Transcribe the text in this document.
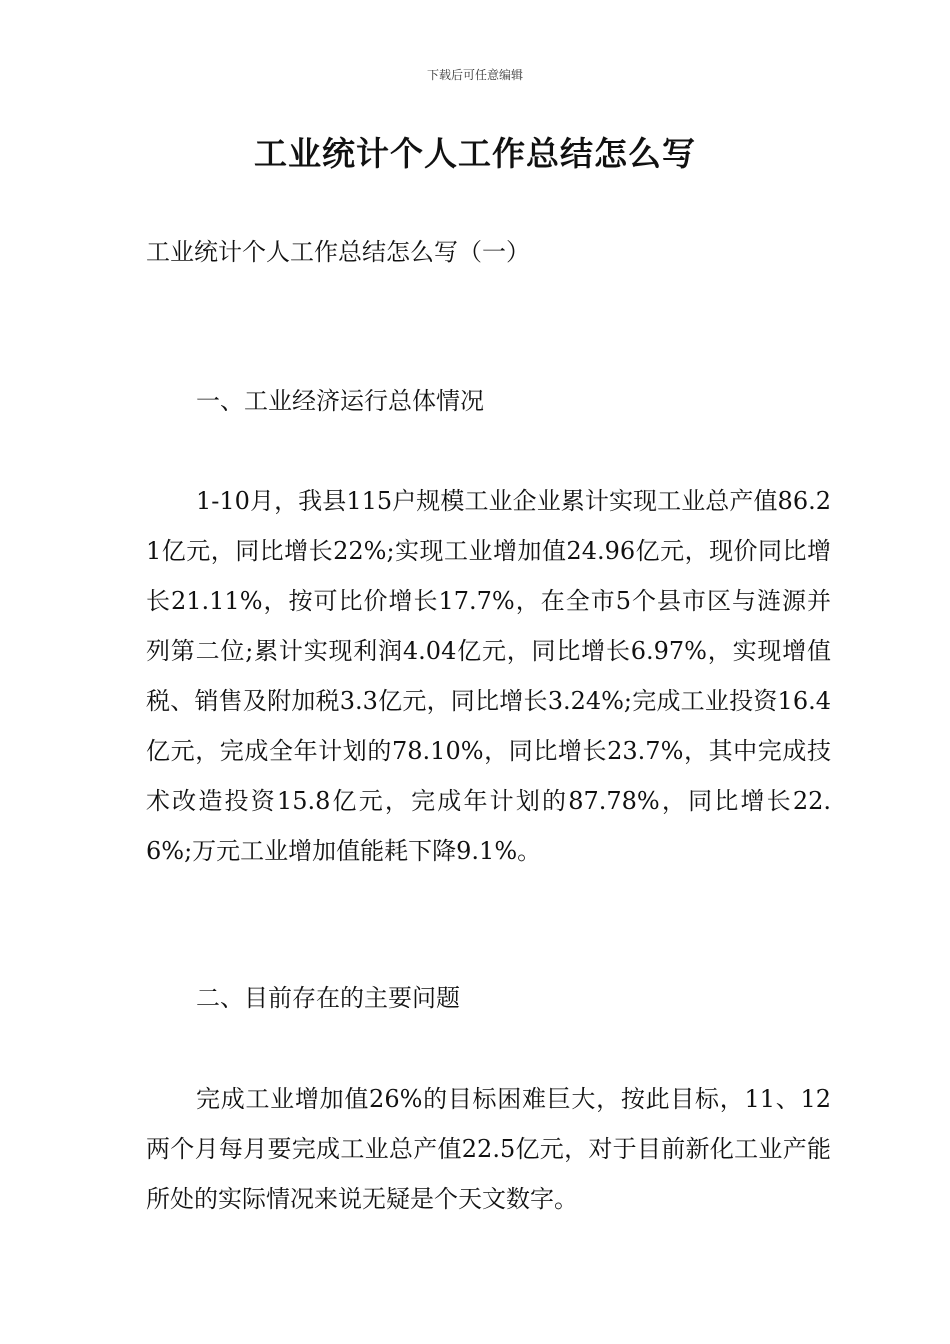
下载后可任意编辑
工业统计个人工作总结怎么写

工业统计个人工作总结怎么写（一）

一、工业经济运行总体情况

1-10月，我县115户规模工业企业累计实现工业总产值86.21亿元，同比增长22%;实现工业增加值24.96亿元，现价同比增长21.11%，按可比价增长17.7%，在全市5个县市区与涟源并列第二位;累计实现利润4.04亿元，同比增长6.97%，实现增值税、销售及附加税3.3亿元，同比增长3.24%;完成工业投资16.4亿元，完成全年计划的78.10%，同比增长23.7%，其中完成技术改造投资15.8亿元，完成年计划的87.78%，同比增长22.6%;万元工业增加值能耗下降9.1%。

二、目前存在的主要问题

完成工业增加值26%的目标困难巨大，按此目标，11、12两个月每月要完成工业总产值22.5亿元，对于目前新化工业产能所处的实际情况来说无疑是个天文数字。
